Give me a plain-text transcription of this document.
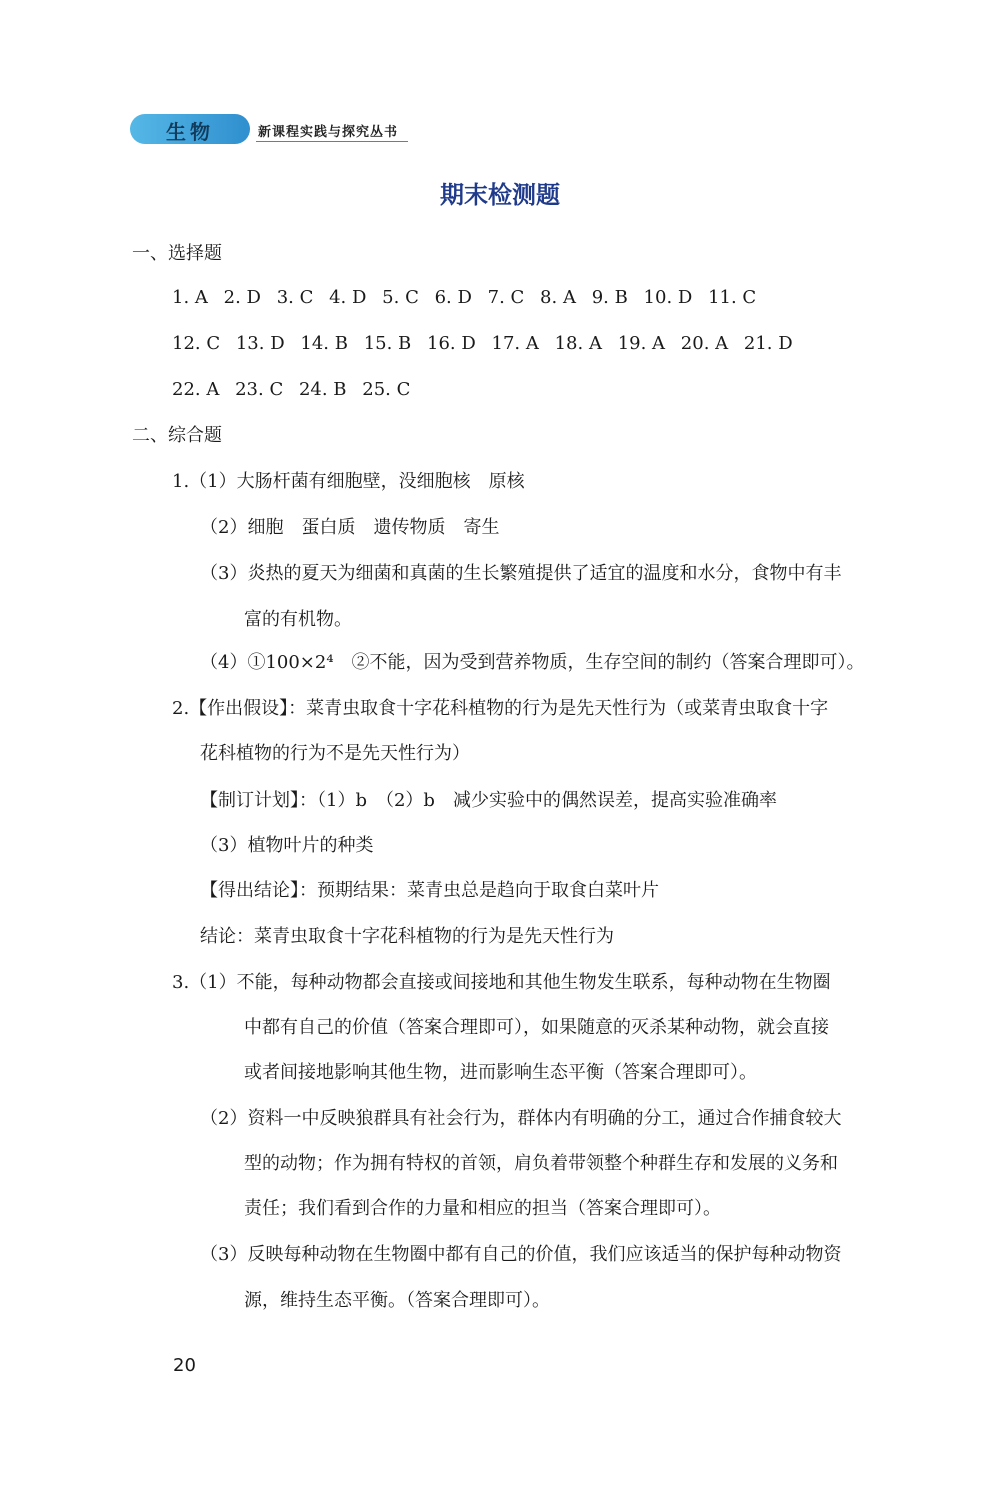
生物	新课程实践与探究丛书
期末检测题
一、选择题
1. A 2. D 3. C 4. D 5. C 6. D 7. C 8. A 9. B 10. D 11. C
12. C 13. D 14. B 15. B 16. D 17. A 18. A 19. A 20. A 21. D
22. A 23. C 24. B 25. C
二、综合题
1.（1）大肠杆菌有细胞壁，没细胞核　原核
（2）细胞　蛋白质　遗传物质　寄生
（3）炎热的夏天为细菌和真菌的生长繁殖提供了适宜的温度和水分，食物中有丰
富的有机物。
（4）①100×2⁴　②不能，因为受到营养物质，生存空间的制约（答案合理即可）。
2.【作出假设】：菜青虫取食十字花科植物的行为是先天性行为（或菜青虫取食十字
花科植物的行为不是先天性行为）
【制订计划】：（1）b　（2）b　减少实验中的偶然误差，提高实验准确率
（3）植物叶片的种类
【得出结论】：预期结果：菜青虫总是趋向于取食白菜叶片
结论：菜青虫取食十字花科植物的行为是先天性行为
3.（1）不能，每种动物都会直接或间接地和其他生物发生联系，每种动物在生物圈
中都有自己的价值（答案合理即可），如果随意的灭杀某种动物，就会直接
或者间接地影响其他生物，进而影响生态平衡（答案合理即可）。
（2）资料一中反映狼群具有社会行为，群体内有明确的分工，通过合作捕食较大
型的动物；作为拥有特权的首领，肩负着带领整个种群生存和发展的义务和
责任；我们看到合作的力量和相应的担当（答案合理即可）。
（3）反映每种动物在生物圈中都有自己的价值，我们应该适当的保护每种动物资
源，维持生态平衡。（答案合理即可）。
20
